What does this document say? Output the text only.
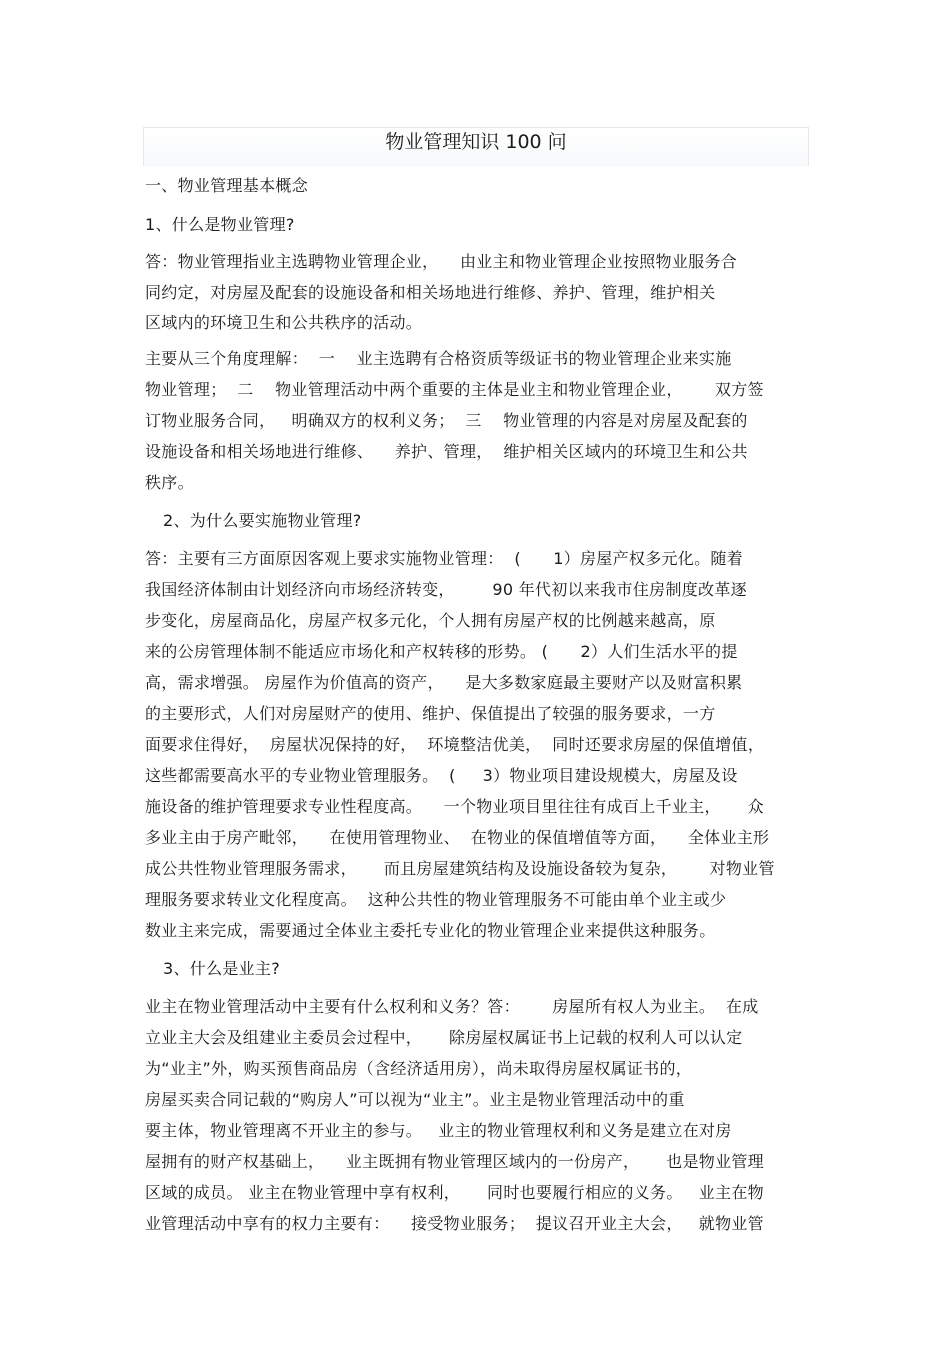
物业管理知识 100 问
一、物业管理基本概念
1、什么是物业管理?
答：物业管理指业主选聘物业管理企业，    由业主和物业管理企业按照物业服务合
同约定，对房屋及配套的设施设备和相关场地进行维修、养护、管理，维护相关
区域内的环境卫生和公共秩序的活动。
主要从三个角度理解：  一    业主选聘有合格资质等级证书的物业管理企业来实施
物业管理；  二    物业管理活动中两个重要的主体是业主和物业管理企业，      双方签
订物业服务合同，   明确双方的权利义务；  三    物业管理的内容是对房屋及配套的
设施设备和相关场地进行维修、    养护、管理，  维护相关区域内的环境卫生和公共
秩序。
2、为什么要实施物业管理?
答：主要有三方面原因客观上要求实施物业管理：  (      1）房屋产权多元化。随着
我国经济体制由计划经济向市场经济转变，       90 年代初以来我市住房制度改革逐
步变化，房屋商品化，房屋产权多元化，个人拥有房屋产权的比例越来越高，原
来的公房管理体制不能适应市场化和产权转移的形势。 (      2）人们生活水平的提
高，需求增强。 房屋作为价值高的资产，    是大多数家庭最主要财产以及财富积累
的主要形式，人们对房屋财产的使用、维护、保值提出了较强的服务要求，一方
面要求住得好，  房屋状况保持的好，  环境整洁优美，  同时还要求房屋的保值增值，
这些都需要高水平的专业物业管理服务。  (     3）物业项目建设规模大，房屋及设
施设备的维护管理要求专业性程度高。    一个物业项目里往往有成百上千业主，     众
多业主由于房产毗邻，    在使用管理物业、  在物业的保值增值等方面，    全体业主形
成公共性物业管理服务需求，     而且房屋建筑结构及设施设备较为复杂，      对物业管
理服务要求转业文化程度高。  这种公共性的物业管理服务不可能由单个业主或少
数业主来完成，需要通过全体业主委托专业化的物业管理企业来提供这种服务。
3、什么是业主?
业主在物业管理活动中主要有什么权利和义务？答：      房屋所有权人为业主。  在成
立业主大会及组建业主委员会过程中，     除房屋权属证书上记载的权利人可以认定
为“业主”外，购买预售商品房（含经济适用房），尚未取得房屋权属证书的，
房屋买卖合同记载的“购房人”可以视为“业主”。业主是物业管理活动中的重
要主体，物业管理离不开业主的参与。   业主的物业管理权利和义务是建立在对房
屋拥有的财产权基础上，    业主既拥有物业管理区域内的一份房产，     也是物业管理
区域的成员。 业主在物业管理中享有权利，     同时也要履行相应的义务。   业主在物
业管理活动中享有的权力主要有：    接受物业服务；  提议召开业主大会，   就物业管
